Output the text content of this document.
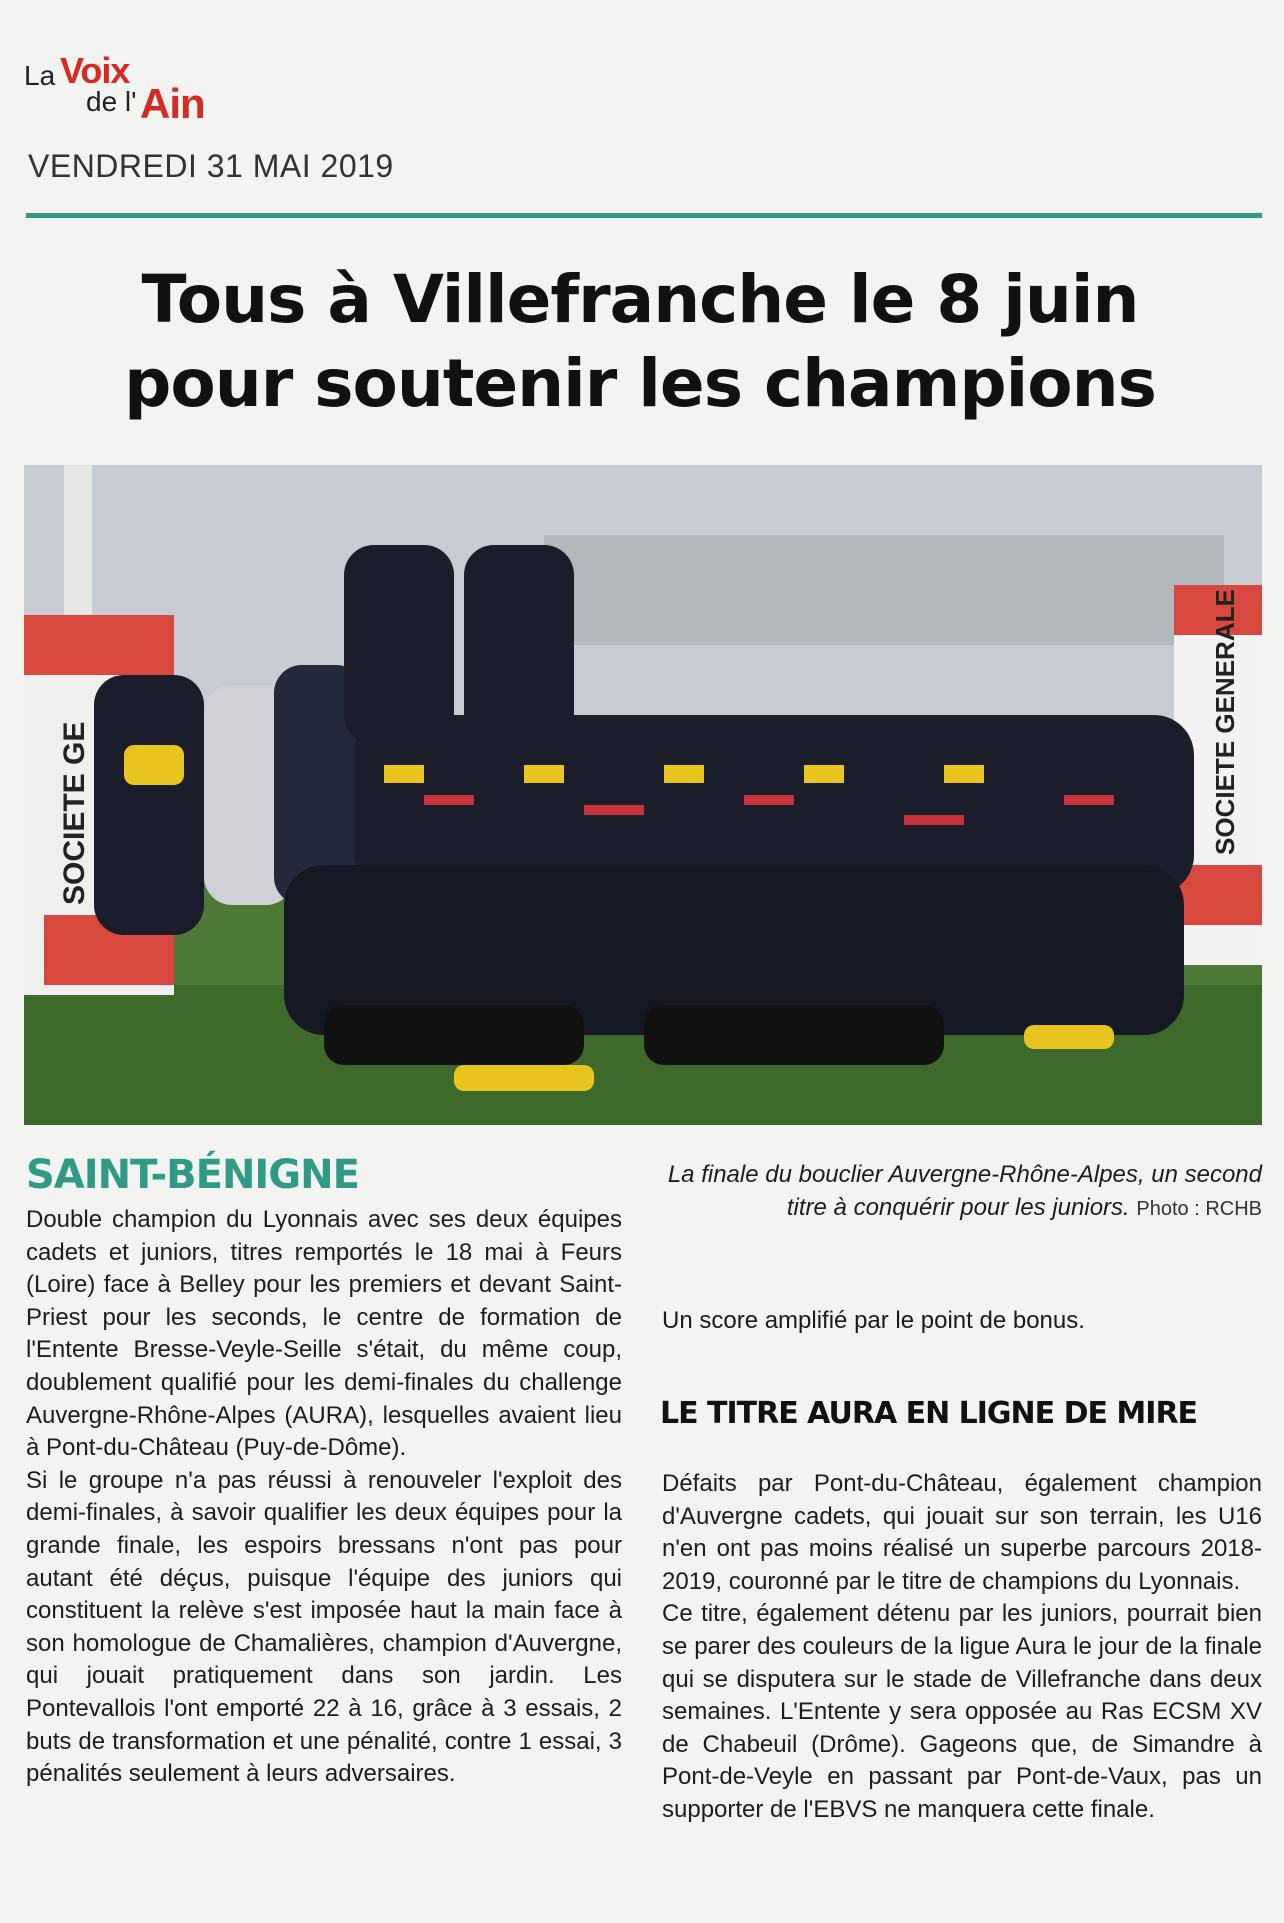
La Voix
de l' Ain
VENDREDI 31 MAI 2019
Tous à Villefranche le 8 juin
pour soutenir les champions
SOCIETE GE	SOCIETE GENERALE
SAINT-BÉNIGNE

Double champion du Lyonnais avec ses deux équipes cadets et juniors, titres remportés le 18 mai à Feurs (Loire) face à Belley pour les premiers et devant Saint-Priest pour les seconds, le centre de formation de l'Entente Bresse-Veyle-Seille s'était, du même coup, doublement qualifié pour les demi-finales du challenge Auvergne-Rhône-Alpes (AURA), lesquelles avaient lieu à Pont-du-Château (Puy-de-Dôme).

Si le groupe n'a pas réussi à renouveler l'exploit des demi-finales, à savoir qualifier les deux équipes pour la grande finale, les espoirs bressans n'ont pas pour autant été déçus, puisque l'équipe des juniors qui constituent la relève s'est imposée haut la main face à son homologue de Chamalières, champion d'Auvergne, qui jouait pratiquement dans son jardin. Les Pontevallois l'ont emporté 22 à 16, grâce à 3 essais, 2 buts de transformation et une pénalité, contre 1 essai, 3 pénalités seulement à leurs adversaires.

La finale du bouclier Auvergne-Rhône-Alpes, un second titre à conquérir pour les juniors. Photo : RCHB
Un score amplifié par le point de bonus.
LE TITRE AURA EN LIGNE DE MIRE

Défaits par Pont-du-Château, également champion d'Auvergne cadets, qui jouait sur son terrain, les U16 n'en ont pas moins réalisé un superbe parcours 2018-2019, couronné par le titre de champions du Lyonnais.

Ce titre, également détenu par les juniors, pourrait bien se parer des couleurs de la ligue Aura le jour de la finale qui se disputera sur le stade de Villefranche dans deux semaines. L'Entente y sera opposée au Ras ECSM XV de Chabeuil (Drôme). Gageons que, de Simandre à Pont-de-Veyle en passant par Pont-de-Vaux, pas un supporter de l'EBVS ne manquera cette finale.
